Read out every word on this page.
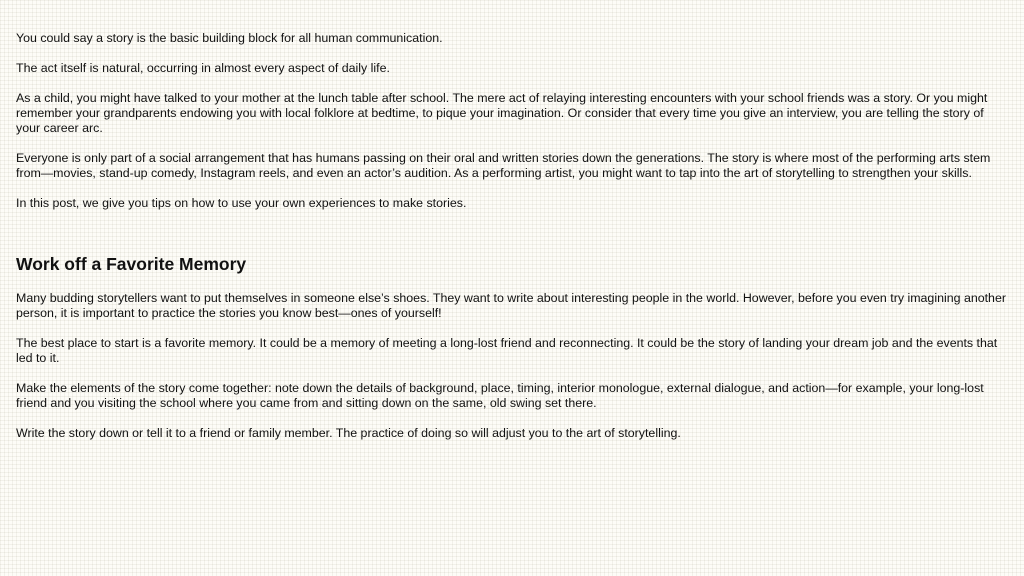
You could say a story is the basic building block for all human communication.

The act itself is natural, occurring in almost every aspect of daily life.

As a child, you might have talked to your mother at the lunch table after school. The mere act of relaying interesting encounters with your school friends was a story. Or you might remember your grandparents endowing you with local folklore at bedtime, to pique your imagination. Or consider that every time you give an interview, you are telling the story of your career arc.

Everyone is only part of a social arrangement that has humans passing on their oral and written stories down the generations. The story is where most of the performing arts stem from—movies, stand-up comedy, Instagram reels, and even an actor’s audition. As a performing artist, you might want to tap into the art of storytelling to strengthen your skills.

In this post, we give you tips on how to use your own experiences to make stories.

Work off a Favorite Memory

Many budding storytellers want to put themselves in someone else’s shoes. They want to write about interesting people in the world. However, before you even try imagining another person, it is important to practice the stories you know best—ones of yourself!

The best place to start is a favorite memory. It could be a memory of meeting a long-lost friend and reconnecting. It could be the story of landing your dream job and the events that led to it.

Make the elements of the story come together: note down the details of background, place, timing, interior monologue, external dialogue, and action—for example, your long-lost friend and you visiting the school where you came from and sitting down on the same, old swing set there.

Write the story down or tell it to a friend or family member. The practice of doing so will adjust you to the art of storytelling.
